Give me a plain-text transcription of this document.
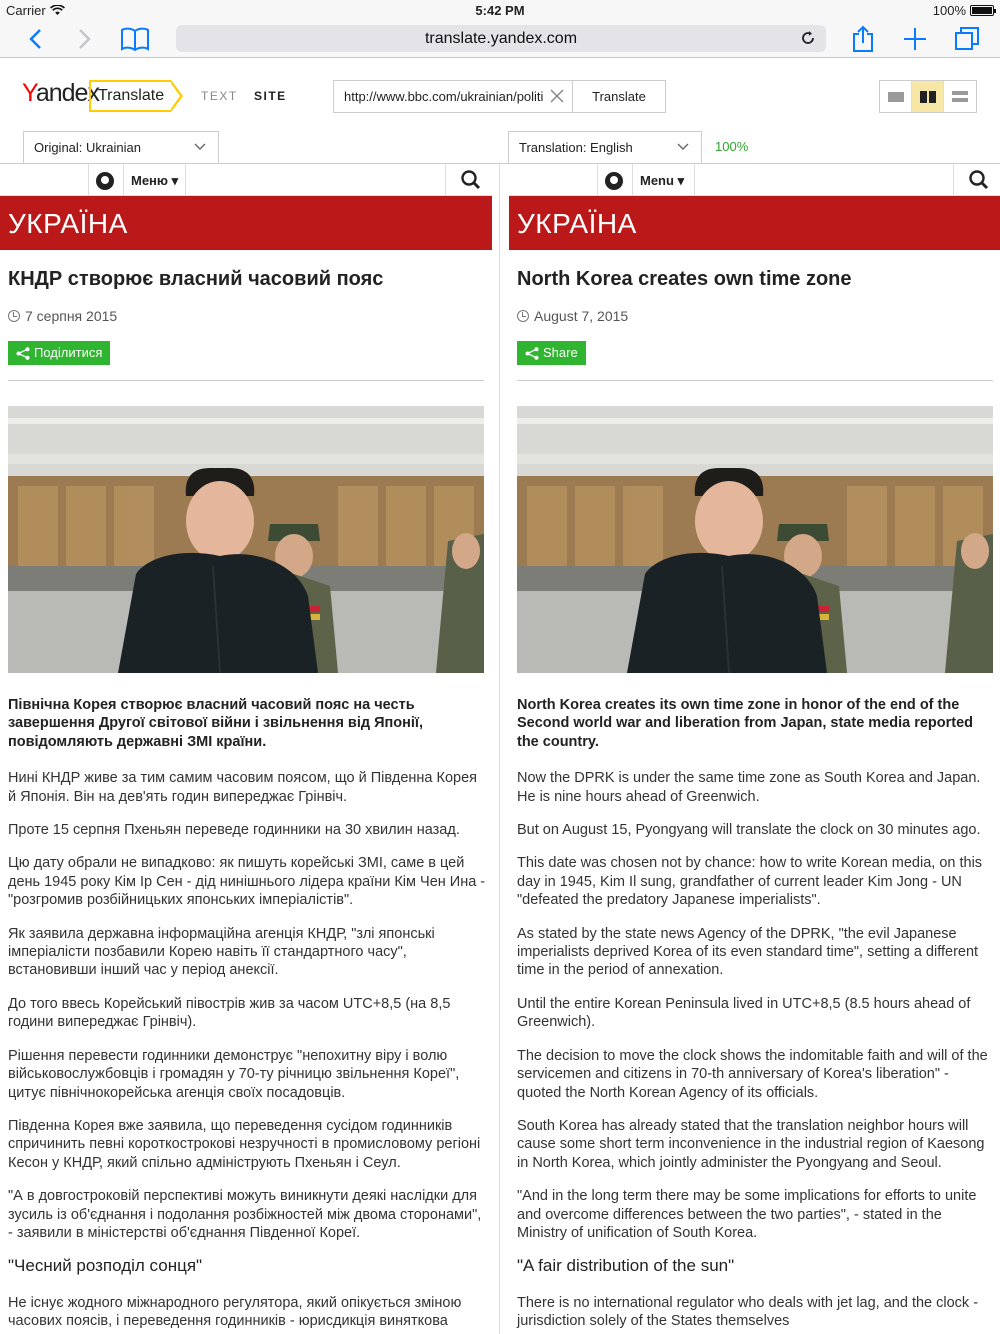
Carrier	5:42 PM	100%
translate.yandex.com
Yandex Translate	TEXT SITE	http://www.bbc.com/ukrainian/politi	Translate
Original: Ukrainian	Translation: English	100%
Меню ▾
УКРАЇНА
КНДР створює власний часовий пояс
7 серпня 2015
Поділитися

Північна Корея створює власний часовий пояс на честь завершення Другої світової війни і звільнення від Японії, повідомляють державні ЗМІ країни.

Нині КНДР живе за тим самим часовим поясом, що й Південна Корея й Японія. Він на дев'ять годин випереджає Грінвіч.

Проте 15 серпня Пхеньян переведе годинники на 30 хвилин назад.

Цю дату обрали не випадково: як пишуть корейські ЗМІ, саме в цей день 1945 року Кім Ір Сен - дід нинішнього лідера країни Кім Чен Ина - "розгромив розбійницьких японських імперіалістів".

Як заявила державна інформаційна агенція КНДР, "злі японські імперіалісти позбавили Корею навіть її стандартного часу", встановивши інший час у період анексії.

До того ввесь Корейський півострів жив за часом UTC+8,5 (на 8,5 години випереджає Грінвіч).

Рішення перевести годинники демонструє "непохитну віру і волю військовослужбовців і громадян у 70-ту річницю звільнення Кореї", цитує північнокорейська агенція своїх посадовців.

Південна Корея вже заявила, що переведення сусідом годинників спричинить певні короткострокові незручності в промисловому регіоні Кесон у КНДР, який спільно адмініструють Пхеньян і Сеул.

"А в довгостроковій перспективі можуть виникнути деякі наслідки для зусиль із об'єднання і подолання розбіжностей між двома сторонами", - заявили в міністерстві об'єднання Південної Кореї.

"Чесний розподіл сонця"

Не існує жодного міжнародного регулятора, який опікується зміною часових поясів, і переведення годинників - юрисдикція виняткова

Menu ▾
УКРАЇНА
North Korea creates own time zone
August 7, 2015
Share

North Korea creates its own time zone in honor of the end of the Second world war and liberation from Japan, state media reported the country.

Now the DPRK is under the same time zone as South Korea and Japan. He is nine hours ahead of Greenwich.

But on August 15, Pyongyang will translate the clock on 30 minutes ago.

This date was chosen not by chance: how to write Korean media, on this day in 1945, Kim Il sung, grandfather of current leader Kim Jong - UN "defeated the predatory Japanese imperialists".

As stated by the state news Agency of the DPRK, "the evil Japanese imperialists deprived Korea of its even standard time", setting a different time in the period of annexation.

Until the entire Korean Peninsula lived in UTC+8,5 (8.5 hours ahead of Greenwich).

The decision to move the clock shows the indomitable faith and will of the servicemen and citizens in 70-th anniversary of Korea's liberation" - quoted the North Korean Agency of its officials.

South Korea has already stated that the translation neighbor hours will cause some short term inconvenience in the industrial region of Kaesong in North Korea, which jointly administer the Pyongyang and Seoul.

"And in the long term there may be some implications for efforts to unite and overcome differences between the two parties", - stated in the Ministry of unification of South Korea.

"A fair distribution of the sun"

There is no international regulator who deals with jet lag, and the clock - jurisdiction solely of the States themselves
